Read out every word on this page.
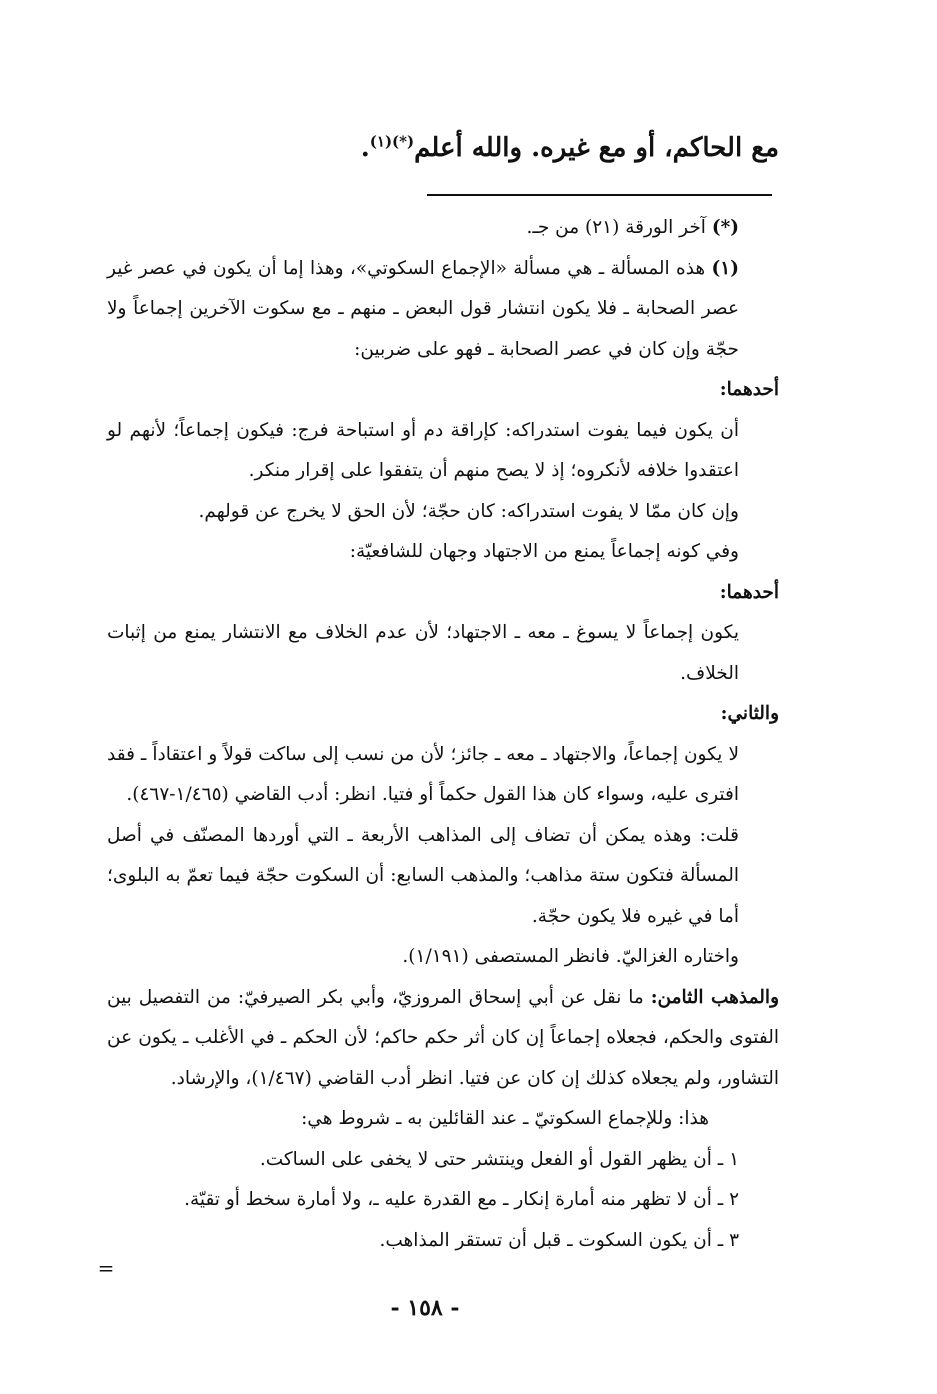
مع الحاكم، أو مع غيره. والله أعلم$^{(*)(١)}$.

(*) آخر الورقة (٢١) من جـ.

(١) هذه المسألة ـ هي مسألة «الإجماع السكوتي»، وهذا إما أن يكون في عصر غير عصر الصحابة ـ فلا يكون انتشار قول البعض ـ منهم ـ مع سكوت الآخرين إجماعاً ولا حجّة وإن كان في عصر الصحابة ـ فهو على ضربين:

أحدهما:

أن يكون فيما يفوت استدراكه: كإراقة دم أو استباحة فرج: فيكون إجماعاً؛ لأنهم لو اعتقدوا خلافه لأنكروه؛ إذ لا يصح منهم أن يتفقوا على إقرار منكر.

وإن كان ممّا لا يفوت استدراكه: كان حجّة؛ لأن الحق لا يخرج عن قولهم.

وفي كونه إجماعاً يمنع من الاجتهاد وجهان للشافعيّة:

أحدهما:

يكون إجماعاً لا يسوغ ـ معه ـ الاجتهاد؛ لأن عدم الخلاف مع الانتشار يمنع من إثبات الخلاف.

والثاني:

لا يكون إجماعاً، والاجتهاد ـ معه ـ جائز؛ لأن من نسب إلى ساكت قولاً و اعتقاداً ـ فقد افترى عليه، وسواء كان هذا القول حكماً أو فتيا. انظر: أدب القاضي (١/٤٦٥-٤٦٧).

قلت: وهذه يمكن أن تضاف إلى المذاهب الأربعة ـ التي أوردها المصنّف في أصل المسألة فتكون ستة مذاهب؛ والمذهب السابع: أن السكوت حجّة فيما تعمّ به البلوى؛ أما في غيره فلا يكون حجّة.

واختاره الغزاليّ. فانظر المستصفى (١/١٩١).

والمذهب الثامن: ما نقل عن أبي إسحاق المروزيّ، وأبي بكر الصيرفيّ: من التفصيل بين الفتوى والحكم، فجعلاه إجماعاً إن كان أثر حكم حاكم؛ لأن الحكم ـ في الأغلب ـ يكون عن التشاور، ولم يجعلاه كذلك إن كان عن فتيا. انظر أدب القاضي (١/٤٦٧)، والإرشاد.

هذا: وللإجماع السكوتيّ ـ عند القائلين به ـ شروط هي:

١ ـ أن يظهر القول أو الفعل وينتشر حتى لا يخفى على الساكت.

٢ ـ أن لا تظهر منه أمارة إنكار ـ مع القدرة عليه ـ، ولا أمارة سخط أو تقيّة.

٣ ـ أن يكون السكوت ـ قبل أن تستقر المذاهب.

=
- ١٥٨ -
